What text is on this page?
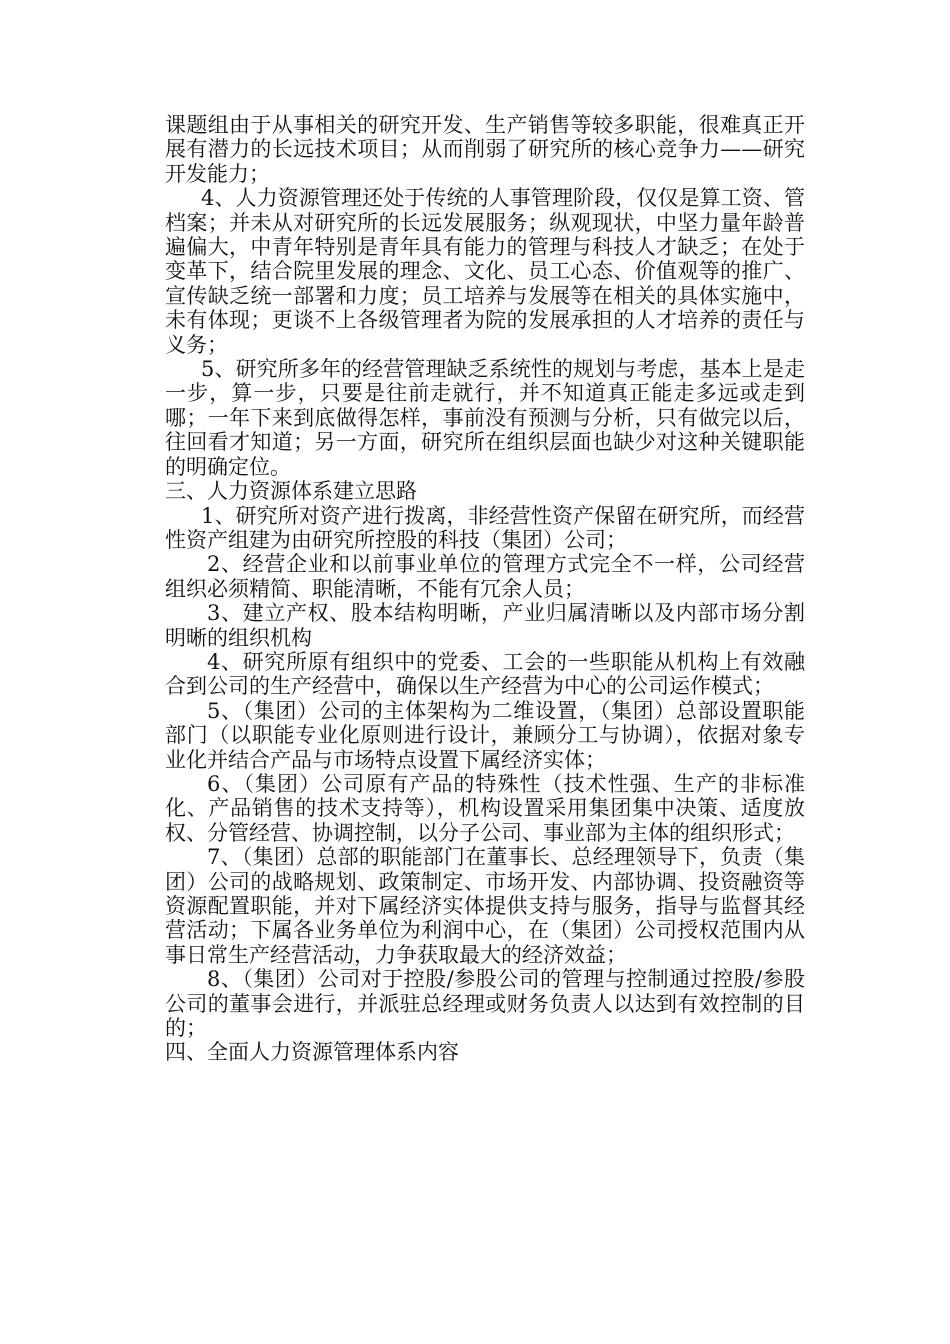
课题组由于从事相关的研究开发、生产销售等较多职能，很难真正开展有潜力的长远技术项目；从而削弱了研究所的核心竞争力——研究开发能力；

4、人力资源管理还处于传统的人事管理阶段，仅仅是算工资、管档案；并未从对研究所的长远发展服务；纵观现状，中坚力量年龄普遍偏大，中青年特别是青年具有能力的管理与科技人才缺乏；在处于变革下，结合院里发展的理念、文化、员工心态、价值观等的推广、宣传缺乏统一部署和力度；员工培养与发展等在相关的具体实施中，未有体现；更谈不上各级管理者为院的发展承担的人才培养的责任与义务；

5、研究所多年的经营管理缺乏系统性的规划与考虑，基本上是走一步，算一步，只要是往前走就行，并不知道真正能走多远或走到哪；一年下来到底做得怎样，事前没有预测与分析，只有做完以后，往回看才知道；另一方面，研究所在组织层面也缺少对这种关键职能的明确定位。

三、人力资源体系建立思路

1、研究所对资产进行拨离，非经营性资产保留在研究所，而经营性资产组建为由研究所控股的科技（集团）公司；

2、经营企业和以前事业单位的管理方式完全不一样，公司经营组织必须精简、职能清晰，不能有冗余人员；

3、建立产权、股本结构明晰，产业归属清晰以及内部市场分割明晰的组织机构

4、研究所原有组织中的党委、工会的一些职能从机构上有效融合到公司的生产经营中，确保以生产经营为中心的公司运作模式；

5、（集团）公司的主体架构为二维设置，（集团）总部设置职能部门（以职能专业化原则进行设计，兼顾分工与协调），依据对象专业化并结合产品与市场特点设置下属经济实体；

6、（集团）公司原有产品的特殊性（技术性强、生产的非标准化、产品销售的技术支持等），机构设置采用集团集中决策、适度放权、分管经营、协调控制，以分子公司、事业部为主体的组织形式；

7、（集团）总部的职能部门在董事长、总经理领导下，负责（集团）公司的战略规划、政策制定、市场开发、内部协调、投资融资等资源配置职能，并对下属经济实体提供支持与服务，指导与监督其经营活动；下属各业务单位为利润中心，在（集团）公司授权范围内从事日常生产经营活动，力争获取最大的经济效益；

8、（集团）公司对于控股/参股公司的管理与控制通过控股/参股公司的董事会进行，并派驻总经理或财务负责人以达到有效控制的目的；

四、全面人力资源管理体系内容
